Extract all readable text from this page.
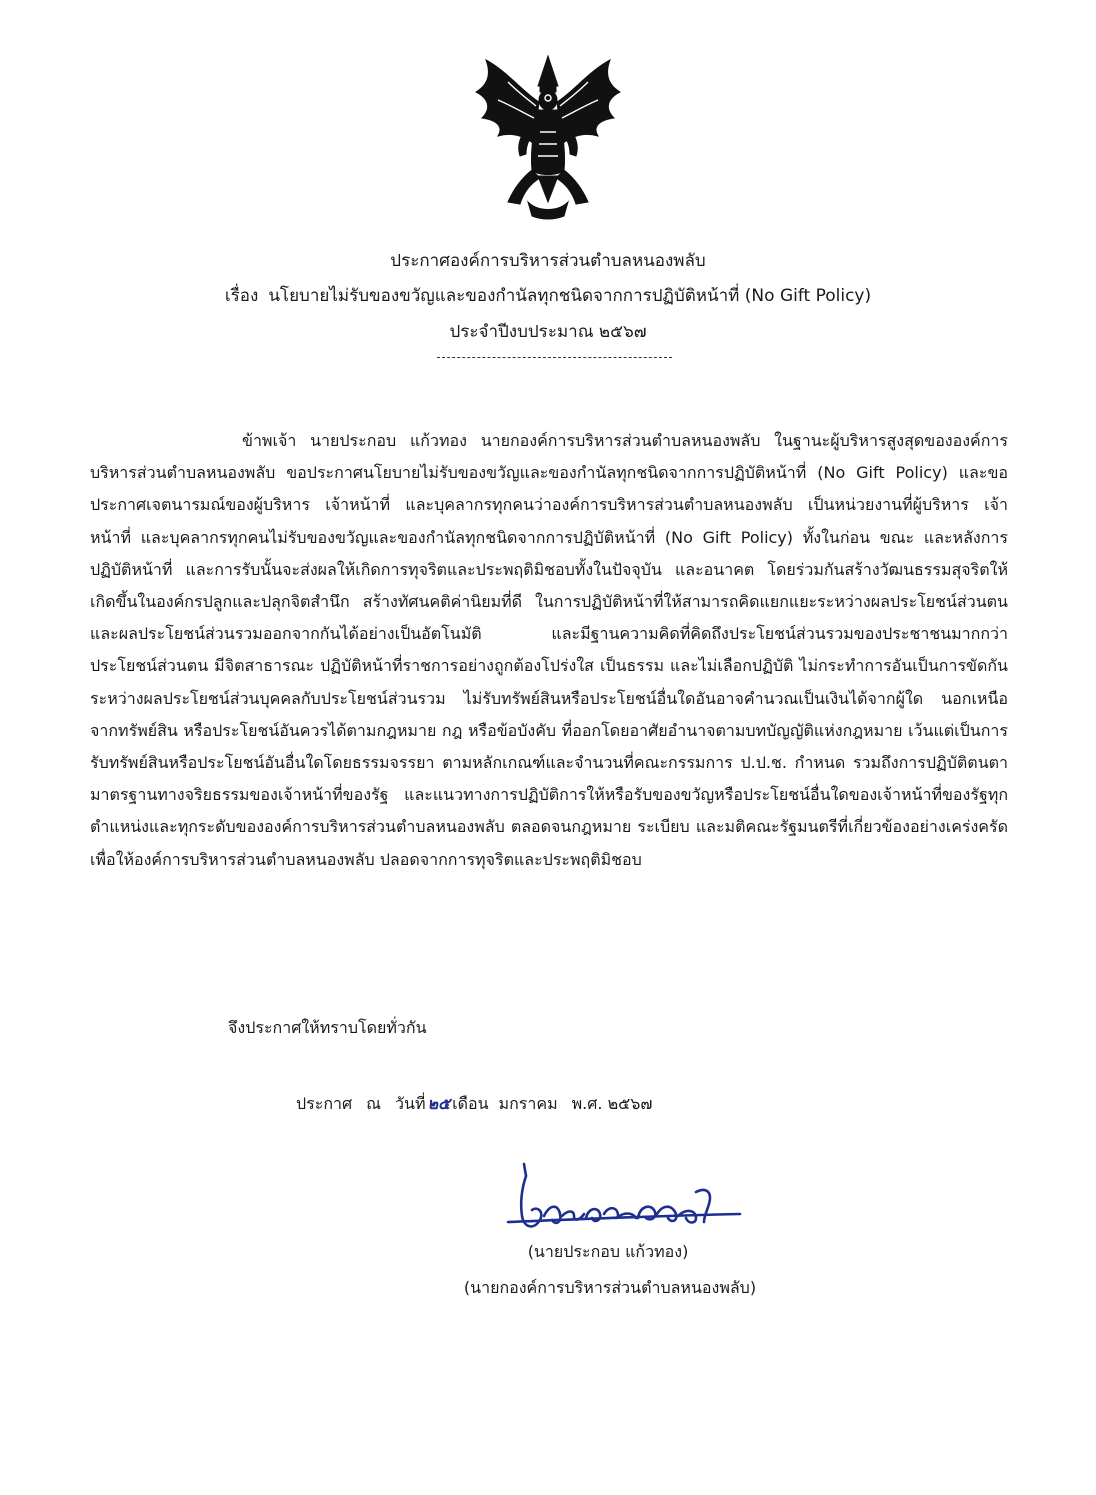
ประกาศองค์การบริหารส่วนตำบลหนองพลับ
เรื่อง นโยบายไม่รับของขวัญและของกำนัลทุกชนิดจากการปฏิบัติหน้าที่ (No Gift Policy)
ประจำปีงบประมาณ ๒๕๖๗

ข้าพเจ้า นายประกอบ แก้วทอง นายกองค์การบริหารส่วนตำบลหนองพลับ ในฐานะผู้บริหารสูงสุดขององค์การบริหารส่วนตำบลหนองพลับ ขอประกาศนโยบายไม่รับของขวัญและของกำนัลทุกชนิดจากการปฏิบัติหน้าที่ (No Gift Policy) และขอประกาศเจตนารมณ์ของผู้บริหาร เจ้าหน้าที่ และบุคลากรทุกคนว่าองค์การบริหารส่วนตำบลหนองพลับ เป็นหน่วยงานที่ผู้บริหาร เจ้าหน้าที่ และบุคลากรทุกคนไม่รับของขวัญและของกำนัลทุกชนิดจากการปฏิบัติหน้าที่ (No Gift Policy) ทั้งในก่อน ขณะ และหลังการปฏิบัติหน้าที่ และการรับนั้นจะส่งผลให้เกิดการทุจริตและประพฤติมิชอบทั้งในปัจจุบัน และอนาคต โดยร่วมกันสร้างวัฒนธรรมสุจริตให้เกิดขึ้นในองค์กรปลูกและปลุกจิตสำนึก สร้างทัศนคติค่านิยมที่ดี ในการปฏิบัติหน้าที่ให้สามารถคิดแยกแยะระหว่างผลประโยชน์ส่วนตนและผลประโยชน์ส่วนรวมออกจากกันได้อย่างเป็นอัตโนมัติ และมีฐานความคิดที่คิดถึงประโยชน์ส่วนรวมของประชาชนมากกว่าประโยชน์ส่วนตน มีจิตสาธารณะ ปฏิบัติหน้าที่ราชการอย่างถูกต้องโปร่งใส เป็นธรรม และไม่เลือกปฏิบัติ ไม่กระทำการอันเป็นการขัดกันระหว่างผลประโยชน์ส่วนบุคคลกับประโยชน์ส่วนรวม ไม่รับทรัพย์สินหรือประโยชน์อื่นใดอันอาจคำนวณเป็นเงินได้จากผู้ใด นอกเหนือจากทรัพย์สิน หรือประโยชน์อันควรได้ตามกฎหมาย กฎ หรือข้อบังคับ ที่ออกโดยอาศัยอำนาจตามบทบัญญัติแห่งกฎหมาย เว้นแต่เป็นการรับทรัพย์สินหรือประโยชน์อันอื่นใดโดยธรรมจรรยา ตามหลักเกณฑ์และจำนวนที่คณะกรรมการ ป.ป.ช. กำหนด รวมถึงการปฏิบัติตนตามาตรฐานทางจริยธรรมของเจ้าหน้าที่ของรัฐ และแนวทางการปฏิบัติการให้หรือรับของขวัญหรือประโยชน์อื่นใดของเจ้าหน้าที่ของรัฐทุกตำแหน่งและทุกระดับขององค์การบริหารส่วนตำบลหนองพลับ ตลอดจนกฎหมาย ระเบียบ และมติคณะรัฐมนตรีที่เกี่ยวข้องอย่างเคร่งครัดเพื่อให้องค์การบริหารส่วนตำบลหนองพลับ ปลอดจากการทุจริตและประพฤติมิชอบ

จึงประกาศให้ทราบโดยทั่วกัน
ประกาศ ณ วันที่ ๒๕ เดือน มกราคม พ.ศ. ๒๕๖๗
(นายประกอบ แก้วทอง)
(นายกองค์การบริหารส่วนตำบลหนองพลับ)
